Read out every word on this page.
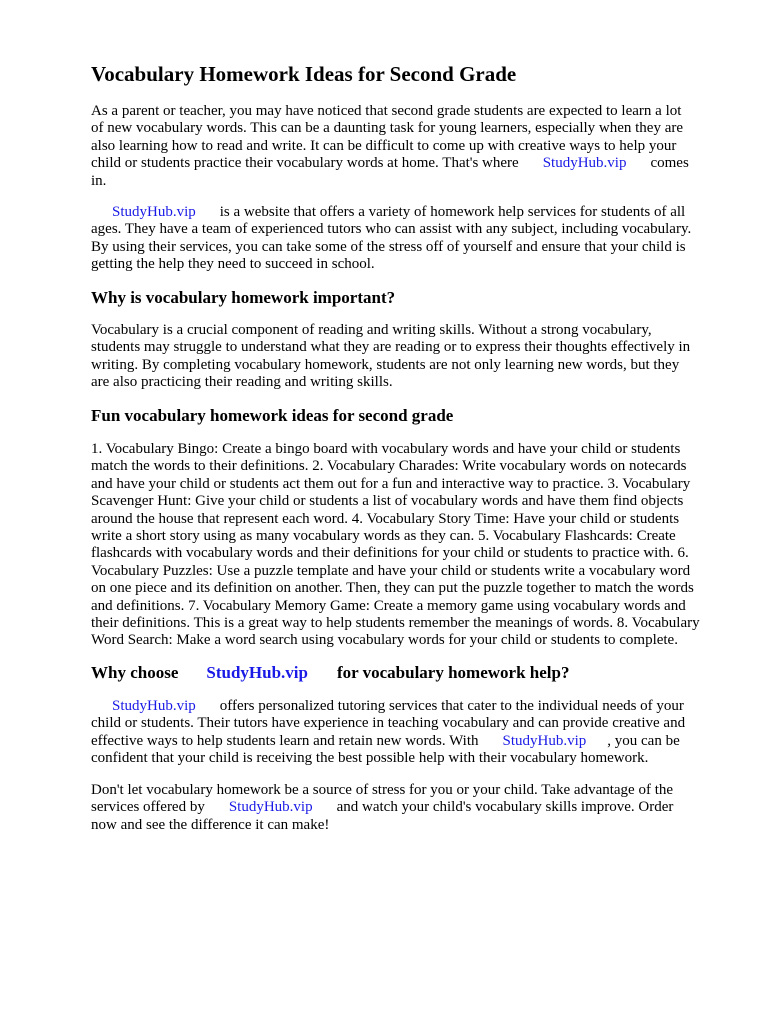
Vocabulary Homework Ideas for Second Grade
As a parent or teacher, you may have noticed that second grade students are expected to learn a lot
of new vocabulary words. This can be a daunting task for young learners, especially when they are
also learning how to read and write. It can be difficult to come up with creative ways to help your
child or students practice their vocabulary words at home. That's where StudyHub.vip comes
in.
StudyHub.vip is a website that offers a variety of homework help services for students of all
ages. They have a team of experienced tutors who can assist with any subject, including vocabulary.
By using their services, you can take some of the stress off of yourself and ensure that your child is
getting the help they need to succeed in school.
Why is vocabulary homework important?
Vocabulary is a crucial component of reading and writing skills. Without a strong vocabulary,
students may struggle to understand what they are reading or to express their thoughts effectively in
writing. By completing vocabulary homework, students are not only learning new words, but they
are also practicing their reading and writing skills.
Fun vocabulary homework ideas for second grade
1. Vocabulary Bingo: Create a bingo board with vocabulary words and have your child or students
match the words to their definitions. 2. Vocabulary Charades: Write vocabulary words on notecards
and have your child or students act them out for a fun and interactive way to practice. 3. Vocabulary
Scavenger Hunt: Give your child or students a list of vocabulary words and have them find objects
around the house that represent each word. 4. Vocabulary Story Time: Have your child or students
write a short story using as many vocabulary words as they can. 5. Vocabulary Flashcards: Create
flashcards with vocabulary words and their definitions for your child or students to practice with. 6.
Vocabulary Puzzles: Use a puzzle template and have your child or students write a vocabulary word
on one piece and its definition on another. Then, they can put the puzzle together to match the words
and definitions. 7. Vocabulary Memory Game: Create a memory game using vocabulary words and
their definitions. This is a great way to help students remember the meanings of words. 8. Vocabulary
Word Search: Make a word search using vocabulary words for your child or students to complete.
Why choose StudyHub.vip for vocabulary homework help?
StudyHub.vip offers personalized tutoring services that cater to the individual needs of your
child or students. Their tutors have experience in teaching vocabulary and can provide creative and
effective ways to help students learn and retain new words. With StudyHub.vip , you can be
confident that your child is receiving the best possible help with their vocabulary homework.
Don't let vocabulary homework be a source of stress for you or your child. Take advantage of the
services offered by StudyHub.vip and watch your child's vocabulary skills improve. Order
now and see the difference it can make!
